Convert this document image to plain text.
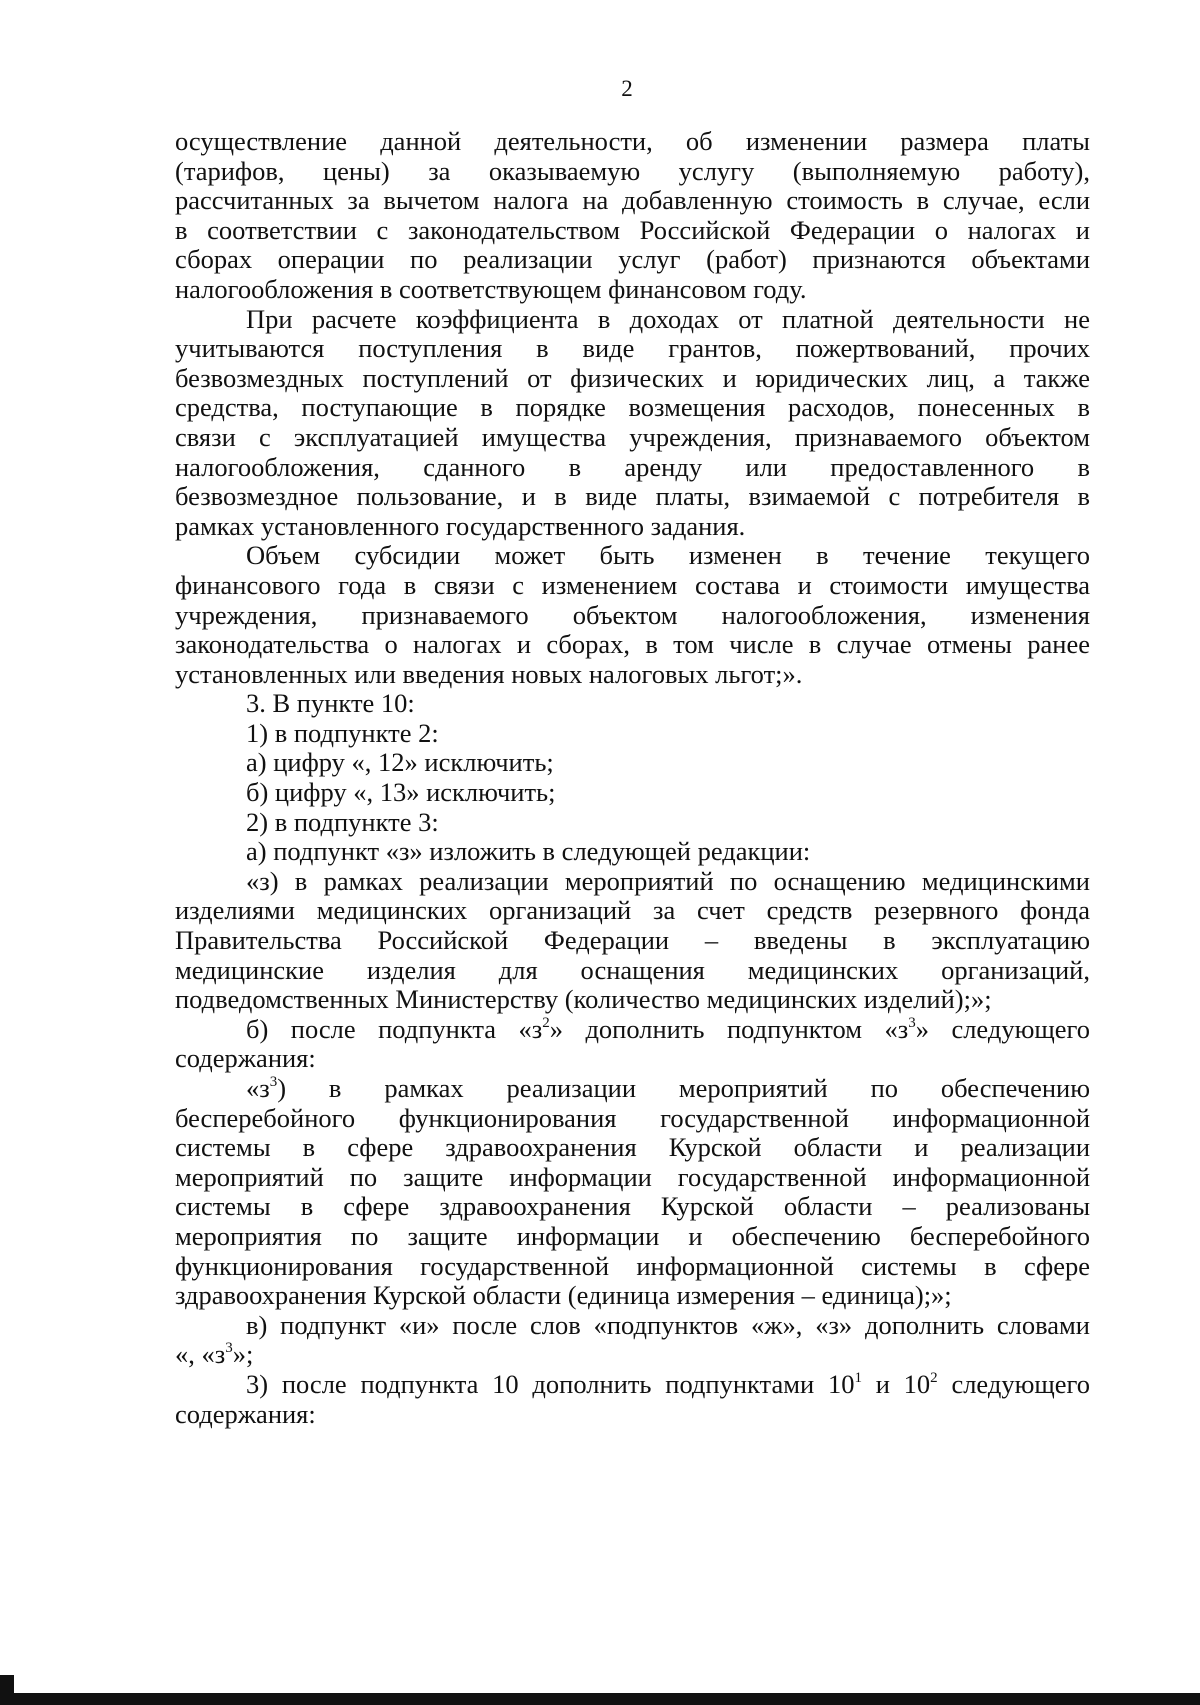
2

осуществление данной деятельности, об изменении размера платы

(тарифов, цены) за оказываемую услугу (выполняемую работу),

рассчитанных за вычетом налога на добавленную стоимость в случае, если

в соответствии с законодательством Российской Федерации о налогах и

сборах операции по реализации услуг (работ) признаются объектами

налогообложения в соответствующем финансовом году.

При расчете коэффициента в доходах от платной деятельности не

учитываются поступления в виде грантов, пожертвований, прочих

безвозмездных поступлений от физических и юридических лиц, а также

средства, поступающие в порядке возмещения расходов, понесенных в

связи с эксплуатацией имущества учреждения, признаваемого объектом

налогообложения, сданного в аренду или предоставленного в

безвозмездное пользование, и в виде платы, взимаемой с потребителя в

рамках установленного государственного задания.

Объем субсидии может быть изменен в течение текущего

финансового года в связи с изменением состава и стоимости имущества

учреждения, признаваемого объектом налогообложения, изменения

законодательства о налогах и сборах, в том числе в случае отмены ранее

установленных или введения новых налоговых льгот;».

3. В пункте 10:

1) в подпункте 2:

а) цифру «, 12» исключить;

б) цифру «, 13» исключить;

2) в подпункте 3:

а) подпункт «з» изложить в следующей редакции:

«з) в рамках реализации мероприятий по оснащению медицинскими

изделиями медицинских организаций за счет средств резервного фонда

Правительства Российской Федерации – введены в эксплуатацию

медицинские изделия для оснащения медицинских организаций,

подведомственных Министерству (количество медицинских изделий);»;

б) после подпункта «$з^2$» дополнить подпунктом «$з^3$» следующего

содержания:

«$з^3$) в рамках реализации мероприятий по обеспечению

бесперебойного функционирования государственной информационной

системы в сфере здравоохранения Курской области и реализации

мероприятий по защите информации государственной информационной

системы в сфере здравоохранения Курской области – реализованы

мероприятия по защите информации и обеспечению бесперебойного

функционирования государственной информационной системы в сфере

здравоохранения Курской области (единица измерения – единица);»;

в) подпункт «и» после слов «подпунктов «ж», «з» дополнить словами

«, «$з^3$»;

3) после подпункта 10 дополнить подпунктами $10^1$ и $10^2$ следующего

содержания:
